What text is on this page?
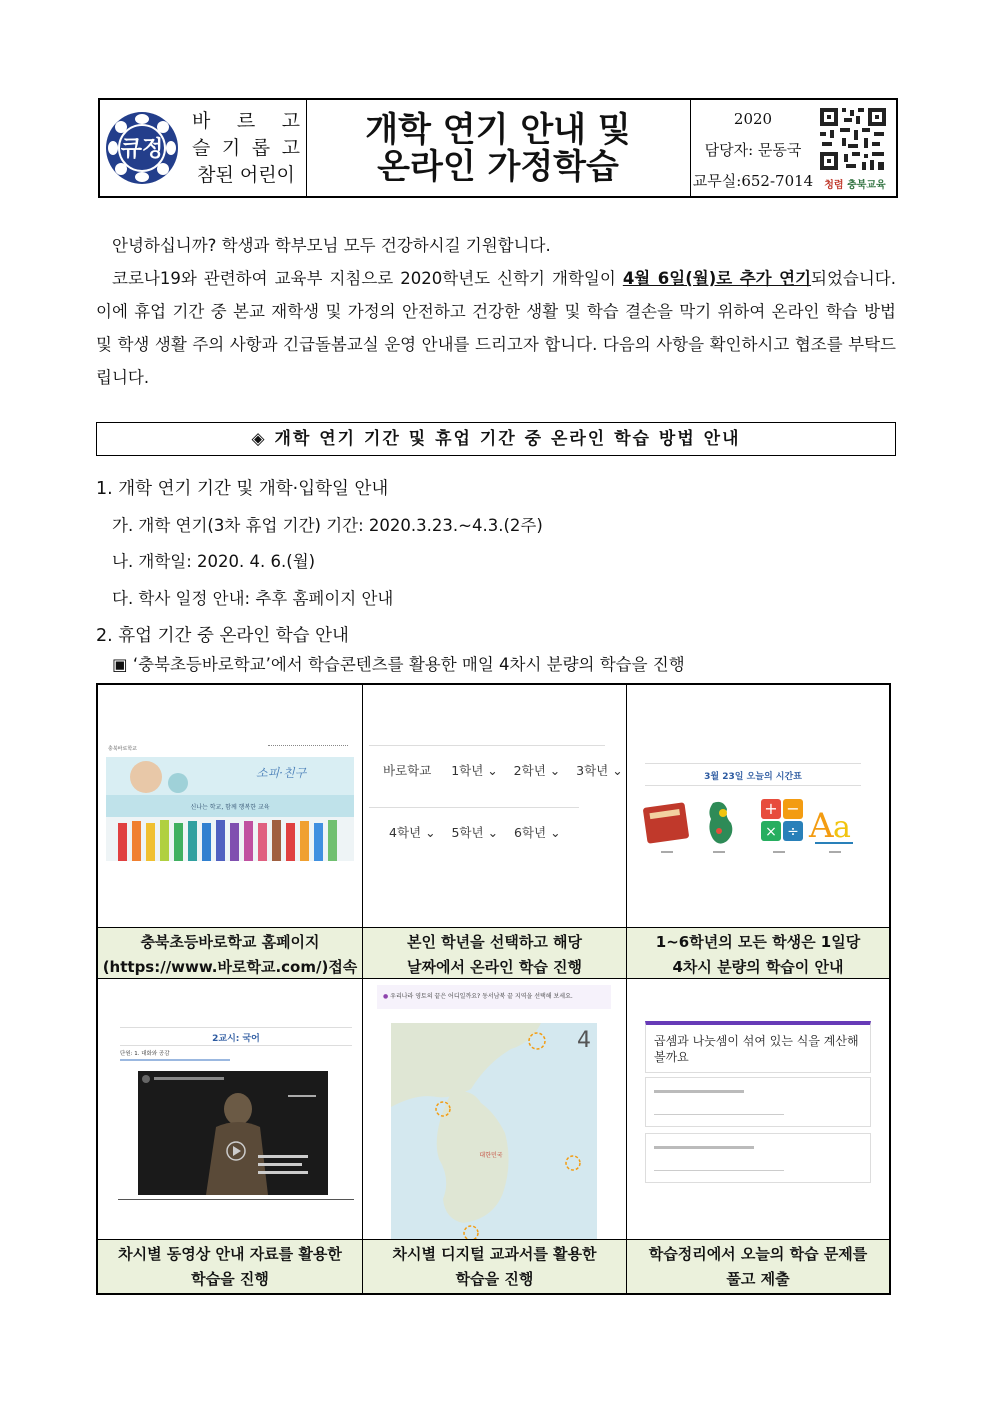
큐정
바 르 고
슬 기 롭 고
참된 어린이
개학 연기 안내 및
온라인 가정학습
2020
담당자: 문동국
교무실:652-7014	청렴 충북교육

안녕하십니까? 학생과 학부모님 모두 건강하시길 기원합니다.

코로나19와 관련하여 교육부 지침으로 2020학년도 신학기 개학일이 4월 6일(월)로 추가 연기되었습니다. 이에 휴업 기간 중 본교 재학생 및 가정의 안전하고 건강한 생활 및 학습 결손을 막기 위하여 온라인 학습 방법 및 학생 생활 주의 사항과 긴급돌봄교실 운영 안내를 드리고자 합니다. 다음의 사항을 확인하시고 협조를 부탁드립니다.

◈ 개학 연기 기간 및 휴업 기간 중 온라인 학습 방법 안내
1. 개학 연기 기간 및 개학·입학일 안내
가. 개학 연기(3차 휴업 기간) 기간: 2020.3.23.~4.3.(2주)
나. 개학일: 2020. 4. 6.(월)
다. 학사 일정 안내: 추후 홈페이지 안내
2. 휴업 기간 중 온라인 학습 안내
▣ ‘충북초등바로학교’에서 학습콘텐츠를 활용한 매일 4차시 분량의 학습을 진행
충북바로학교
소피·친구
신나는 학교, 함께 행복한 교육
충북초등바로학교 홈페이지
(https://www.바로학교.com/)접속
바로학교 1학년 ⌄ 2학년 ⌄ 3학년 ⌄
4학년 ⌄ 5학년 ⌄ 6학년 ⌄
본인 학년을 선택하고 해당
날짜에서 온라인 학습 진행
3월 23일 오늘의 시간표
+ −
× ÷ A a
1~6학년의 모든 학생은 1일당
4차시 분량의 학습이 안내
2교시: 국어
단원: 1. 대화와 공감
차시별 동영상 안내 자료를 활용한
학습을 진행
● 우리나라 영토의 끝은 어디일까요? 동서남북 끝 지역을 선택해 보세요.
4
대한민국
차시별 디지털 교과서를 활용한
학습을 진행
곱셈과 나눗셈이 섞여 있는 식을 계산해 볼까요
학습정리에서 오늘의 학습 문제를
풀고 제출
